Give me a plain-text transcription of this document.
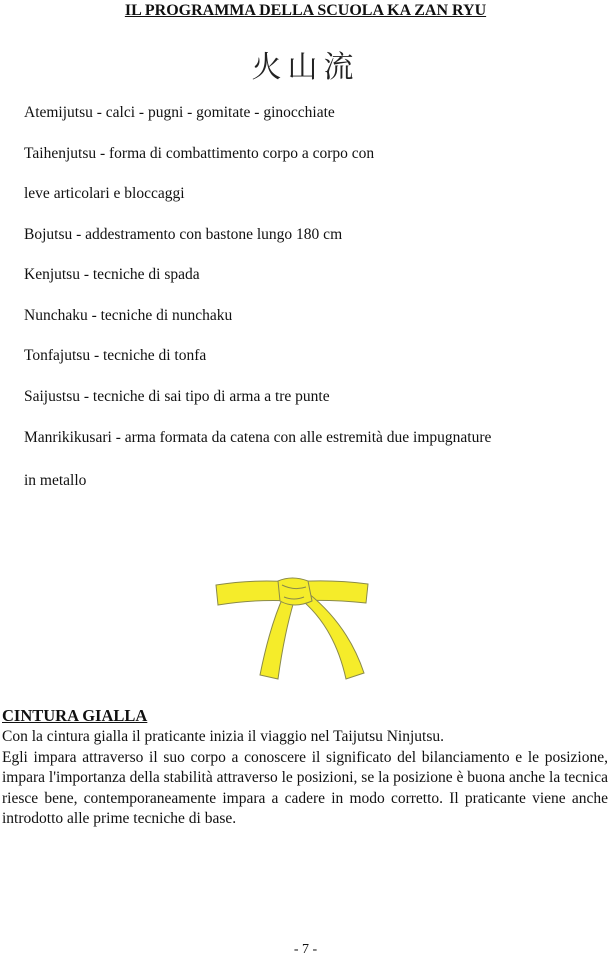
IL PROGRAMMA DELLA SCUOLA KA ZAN RYU
火山流
Atemijutsu - calci - pugni - gomitate - ginocchiate
Taihenjutsu - forma di combattimento corpo a corpo con
leve articolari e bloccaggi
Bojutsu - addestramento con bastone lungo 180 cm
Kenjutsu - tecniche di spada
Nunchaku - tecniche di nunchaku
Tonfajutsu - tecniche di tonfa
Saijustsu - tecniche di sai tipo di arma a tre punte
Manrikikusari - arma formata da catena con alle estremità due impugnature
in metallo
CINTURA GIALLA

Con la cintura gialla il praticante inizia il viaggio nel Taijutsu Ninjutsu.

Egli impara attraverso il suo corpo a conoscere il significato del bilanciamento e le posizione, impara l'importanza della stabilità attraverso le posizioni, se la posizione è buona anche la tecnica riesce bene, contemporaneamente impara a cadere in modo corretto. Il praticante viene anche introdotto alle prime tecniche di base.

- 7 -
